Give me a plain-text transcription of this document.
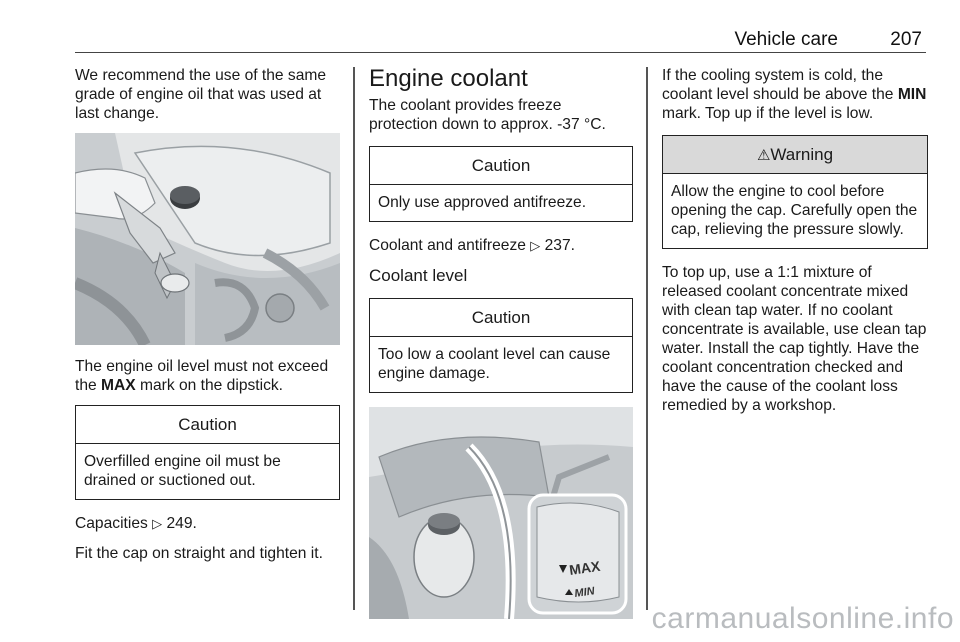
Vehicle care	207

We recommend the use of the same grade of engine oil that was used at last change.

The engine oil level must not exceed the MAX mark on the dipstick.

Caution
Overfilled engine oil must be drained or suctioned out.

Capacities ▷ 249.

Fit the cap on straight and tighten it.

Engine coolant

The coolant provides freeze protection down to approx. -37 °C.

Caution
Only use approved antifreeze.

Coolant and antifreeze ▷ 237.

Coolant level
Caution
Too low a coolant level can cause engine damage.
MAX
MIN

If the cooling system is cold, the coolant level should be above the MIN mark. Top up if the level is low.

⚠Warning
Allow the engine to cool before opening the cap. Carefully open the cap, relieving the pressure slowly.

To top up, use a 1:1 mixture of released coolant concentrate mixed with clean tap water. If no coolant concentrate is available, use clean tap water. Install the cap tightly. Have the coolant concentration checked and have the cause of the coolant loss remedied by a workshop.

carmanualsonline.info
